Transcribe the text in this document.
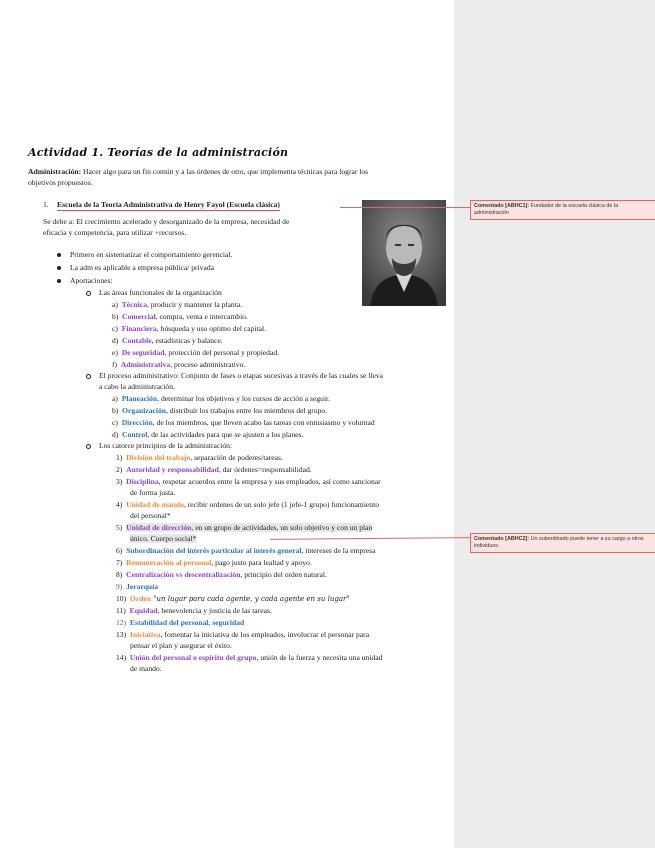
Actividad 1. Teorías de la administración
Administración: Hacer algo para un fin común y a las órdenes de otro, que implementa técnicas para lograr los
objetivos propuestos.
1. Escuela de la Teoría Administrativa de Henry Fayol (Escuela clásica)
Se debe a: El crecimiento acelerado y desorganizado de la empresa, necesidad de
eficacia y competencia, para utilizar +recursos.
Primero en sistematizar el comportamiento gerencial.
La adm es aplicable a empresa pública/ privada
Aportaciones:
Las áreas funcionales de la organización
a) Técnica, producir y mantener la planta.
b) Comercial, compra, venta e intercambio.
c) Financiera, búsqueda y uso optimo del capital.
d) Contable, estadísticas y balance.
e) De seguridad, protección del personal y propiedad.
f) Administrativa, proceso administrativo.
El proceso administrativo: Conjunto de fases o etapas sucesivas a través de las cuales se lleva
a cabo la administración.
a) Planeación, determinar los objetivos y los cursos de acción a seguir.
b) Organización, distribuir los trabajos entre los miembros del grupo.
c) Dirección, de los miembros, que lleven acabo las tareas con entusiasmo y voluntad
d) Control, de las actividades para que se ajusten a los planes.
Los catorce principios de la administración:
1) División del trabajo, separación de poderes/tareas.
2) Autoridad y responsabilidad, dar órdenes=responsabilidad.
3) Disciplina, respetar acuerdos entre la empresa y sus empleados, así como sancionar
de forma justa.
4) Unidad de mando, recibir ordenes de un solo jefe (1 jefe-1 grupo) funcionamiento
del personal*
5) Unidad de dirección, en un grupo de actividades, un solo objetivo y con un plan
único. Cuerpo social*
6) Subordinación del interés particular al interés general, intereses de la empresa
7) Remuneración al personal, pago justo para lealtad y apoyo.
8) Centralización vs descentralización, principio del orden natural.
9) Jerarquía
10) Orden "un lugar para cada agente, y cada agente en su lugar"
11) Equidad, benevolencia y justicia de las tareas.
12) Estabilidad del personal, seguridad
13) Iniciativa, fomentar la iniciativa de los empleados, involucrar el personar para
pensar el plan y asegurar el éxito.
14) Unión del personal o espíritu del grupo, unión de la fuerza y necesita una unidad
de mando.
Comentado [ABHC1]: Fundador de la escuela clásica de la administración
Comentado [ABHC2]: Un subordinado puede tener a su cargo a otros individuos.
